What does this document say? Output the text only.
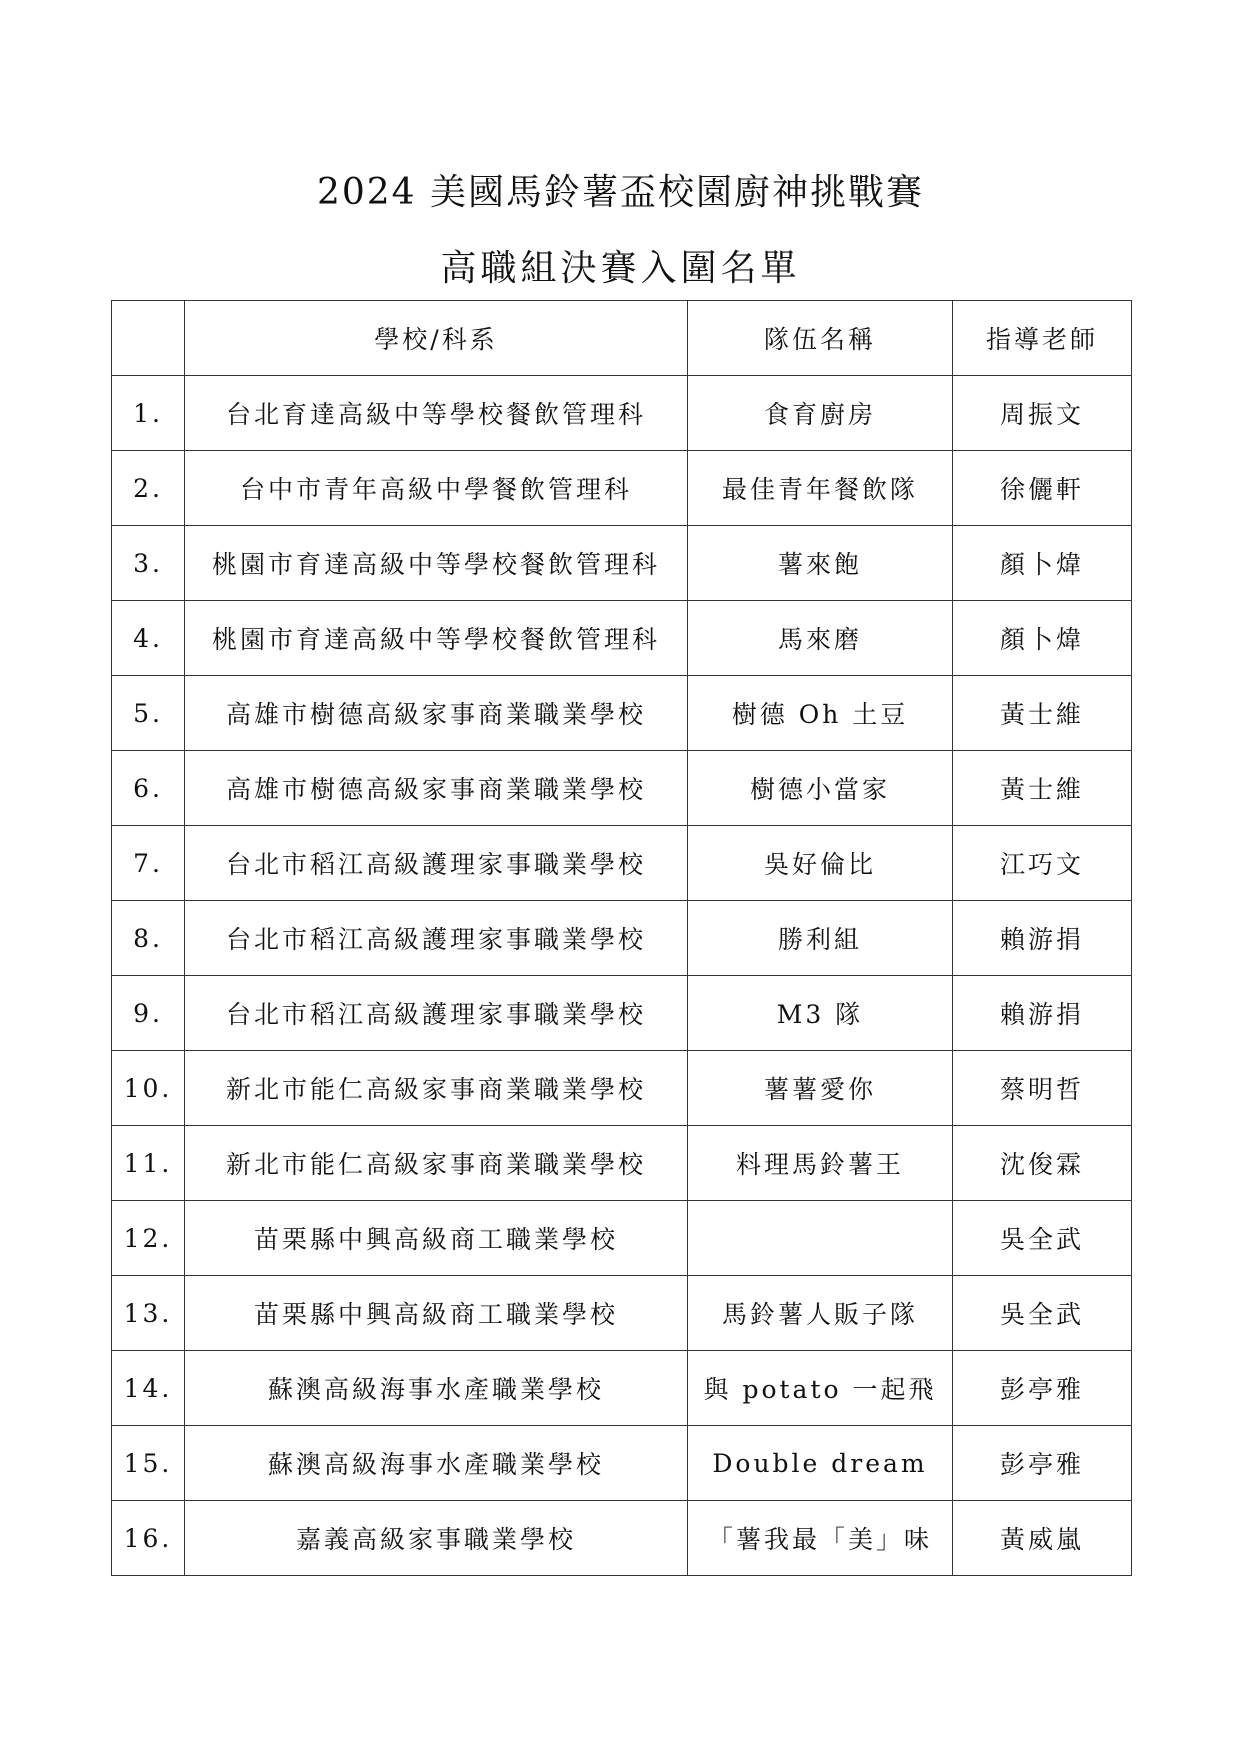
2024 美國馬鈴薯盃校園廚神挑戰賽
高職組決賽入圍名單
	學校/科系	隊伍名稱	指導老師
1.	台北育達高級中等學校餐飲管理科	食育廚房	周振文
2.	台中市青年高級中學餐飲管理科	最佳青年餐飲隊	徐儷軒
3.	桃園市育達高級中等學校餐飲管理科	薯來飽	顏卜煒
4.	桃園市育達高級中等學校餐飲管理科	馬來磨	顏卜煒
5.	高雄市樹德高級家事商業職業學校	樹德 Oh 土豆	黃士維
6.	高雄市樹德高級家事商業職業學校	樹德小當家	黃士維
7.	台北市稻江高級護理家事職業學校	吳好倫比	江巧文
8.	台北市稻江高級護理家事職業學校	勝利組	賴游捐
9.	台北市稻江高級護理家事職業學校	M3 隊	賴游捐
10.	新北市能仁高級家事商業職業學校	薯薯愛你	蔡明哲
11.	新北市能仁高級家事商業職業學校	料理馬鈴薯王	沈俊霖
12.	苗栗縣中興高級商工職業學校		吳全武
13.	苗栗縣中興高級商工職業學校	馬鈴薯人販子隊	吳全武
14.	蘇澳高級海事水產職業學校	與 potato 一起飛	彭亭雅
15.	蘇澳高級海事水產職業學校	Double dream	彭亭雅
16.	嘉義高級家事職業學校	「薯我最「美」味	黃威嵐
